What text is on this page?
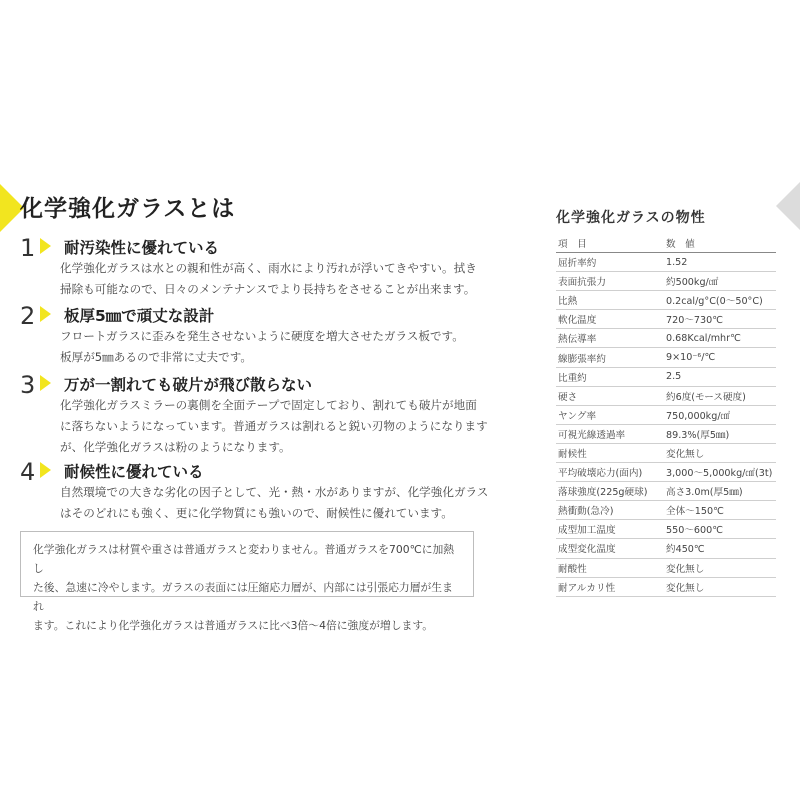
化学強化ガラスとは
1 耐汚染性に優れている
化学強化ガラスは水との親和性が高く、雨水により汚れが浮いてきやすい。拭き
掃除も可能なので、日々のメンテナンスでより長持ちをさせることが出来ます。
2 板厚5㎜で頑丈な設計
フロートガラスに歪みを発生させないように硬度を増大させたガラス板です。
板厚が5㎜あるので非常に丈夫です。
3 万が一割れても破片が飛び散らない
化学強化ガラスミラーの裏側を全面テープで固定しており、割れても破片が地面
に落ちないようになっています。普通ガラスは割れると鋭い刃物のようになります
が、化学強化ガラスは粉のようになります。
4 耐候性に優れている
自然環境での大きな劣化の因子として、光・熱・水がありますが、化学強化ガラス
はそのどれにも強く、更に化学物質にも強いので、耐候性に優れています。
化学強化ガラスは材質や重さは普通ガラスと変わりません。普通ガラスを700℃に加熱し
た後、急速に冷やします。ガラスの表面には圧縮応力層が、内部には引張応力層が生まれ
ます。これにより化学強化ガラスは普通ガラスに比べ3倍～4倍に強度が増します。
化学強化ガラスの物性
項　目	数　値
屈折率約	1.52
表面抗張力	約500kg/㎠
比熱	0.2cal/g°C(0～50°C)
軟化温度	720～730℃
熱伝導率	0.68Kcal/mhr℃
線膨張率約	9×10⁻⁶/℃
比重約	2.5
硬さ	約6度(モース硬度)
ヤング率	750,000kg/㎠
可視光線透過率	89.3%(厚5㎜)
耐候性	変化無し
平均破壊応力(面内)	3,000～5,000kg/㎠(3t)
落球強度(225g硬球)	高さ3.0m(厚5㎜)
熱衝動(急冷)	全体～150℃
成型加工温度	550～600℃
成型変化温度	約450℃
耐酸性	変化無し
耐アルカリ性	変化無し
